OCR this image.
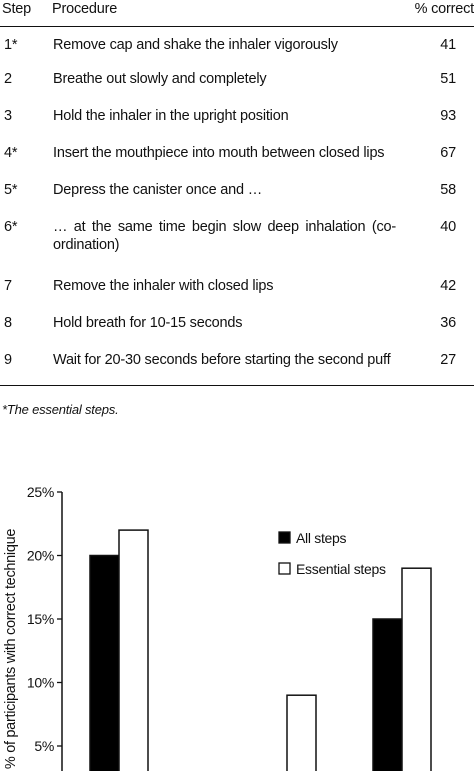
Step	Procedure	% correct
1*	Remove cap and shake the inhaler vigorously	41
2	Breathe out slowly and completely	51
3	Hold the inhaler in the upright position	93
4*	Insert the mouthpiece into mouth between closed lips	67
5*	Depress the canister once and …	58
6*	… at the same time begin slow deep inhalation (co-ordination)	40
7	Remove the inhaler with closed lips	42
8	Hold breath for 10-15 seconds	36
9	Wait for 20-30 seconds before starting the second puff	27
*The essential steps.
5%
10%
15%
20%
25%
% of participants with correct technique	All steps
Essential steps
